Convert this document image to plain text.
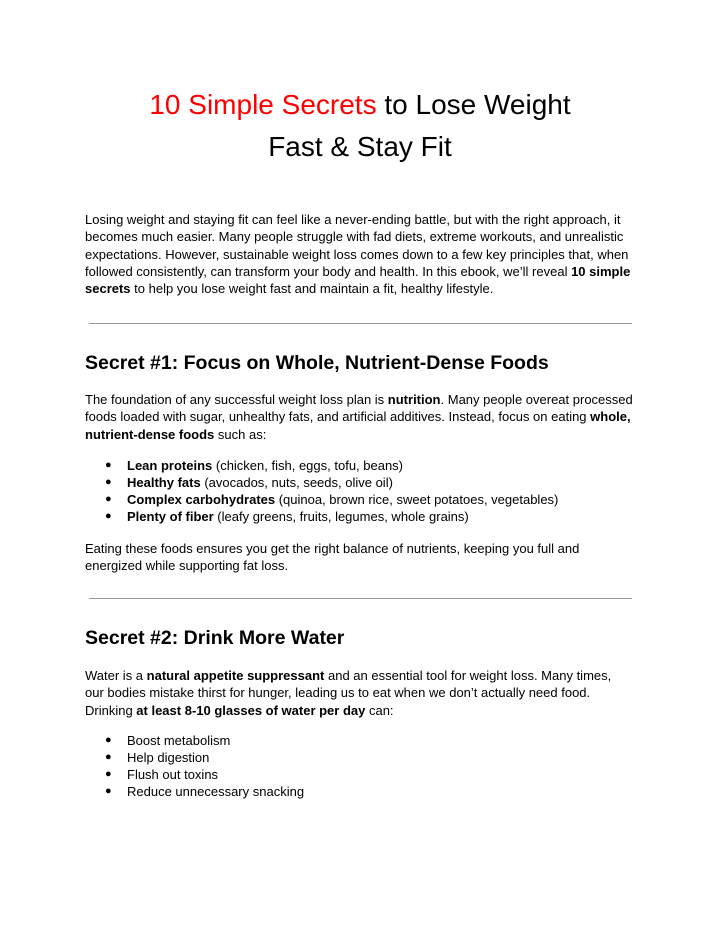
10 Simple Secrets to Lose Weight
Fast & Stay Fit

Losing weight and staying fit can feel like a never-ending battle, but with the right approach, it becomes much easier. Many people struggle with fad diets, extreme workouts, and unrealistic expectations. However, sustainable weight loss comes down to a few key principles that, when followed consistently, can transform your body and health. In this ebook, we’ll reveal 10 simple secrets to help you lose weight fast and maintain a fit, healthy lifestyle.

Secret #1: Focus on Whole, Nutrient-Dense Foods

The foundation of any successful weight loss plan is nutrition. Many people overeat processed foods loaded with sugar, unhealthy fats, and artificial additives. Instead, focus on eating whole, nutrient-dense foods such as:

● Lean proteins (chicken, fish, eggs, tofu, beans)
● Healthy fats (avocados, nuts, seeds, olive oil)
● Complex carbohydrates (quinoa, brown rice, sweet potatoes, vegetables)
● Plenty of fiber (leafy greens, fruits, legumes, whole grains)

Eating these foods ensures you get the right balance of nutrients, keeping you full and energized while supporting fat loss.

Secret #2: Drink More Water

Water is a natural appetite suppressant and an essential tool for weight loss. Many times, our bodies mistake thirst for hunger, leading us to eat when we don’t actually need food. Drinking at least 8-10 glasses of water per day can:

● Boost metabolism
● Help digestion
● Flush out toxins
● Reduce unnecessary snacking
